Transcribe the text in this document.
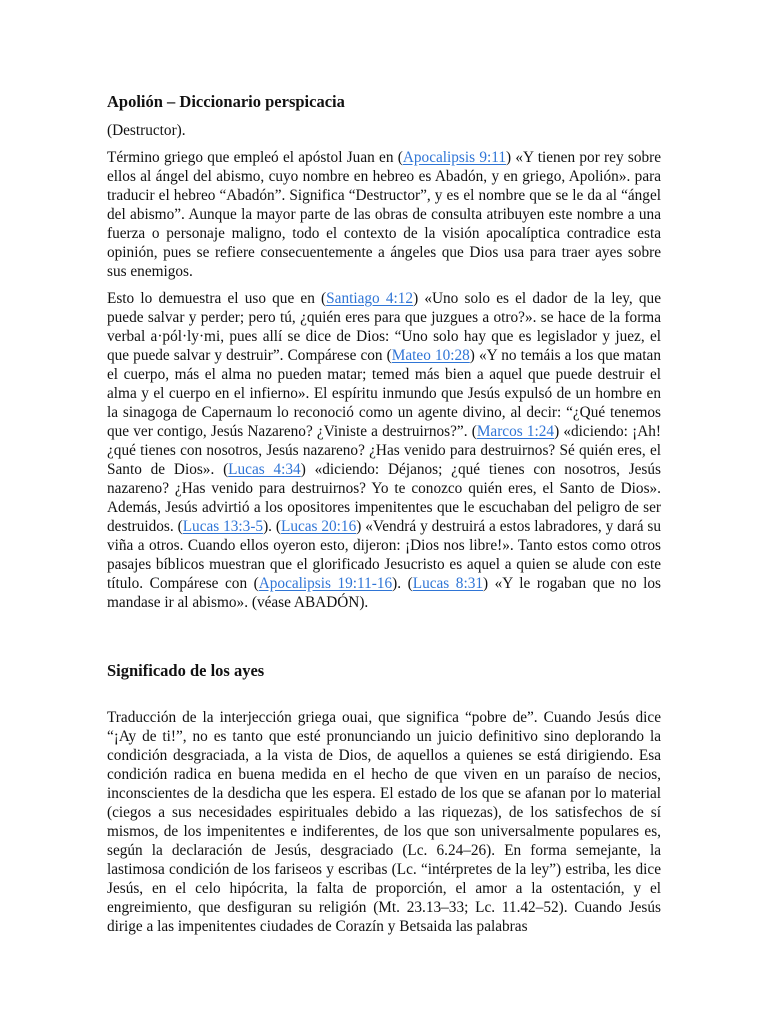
Apolión – Diccionario perspicacia

(Destructor).

Término griego que empleó el apóstol Juan en (Apocalipsis 9:11) «Y tienen por rey sobre ellos al ángel del abismo, cuyo nombre en hebreo es Abadón, y en griego, Apolión». para traducir el hebreo “Abadón”. Significa “Destructor”, y es el nombre que se le da al “ángel del abismo”. Aunque la mayor parte de las obras de consulta atribuyen este nombre a una fuerza o personaje maligno, todo el contexto de la visión apocalíptica contradice esta opinión, pues se refiere consecuentemente a ángeles que Dios usa para traer ayes sobre sus enemigos.

Esto lo demuestra el uso que en (Santiago 4:12) «Uno solo es el dador de la ley, que puede salvar y perder; pero tú, ¿quién eres para que juzgues a otro?». se hace de la forma verbal a·pól·ly·mi, pues allí se dice de Dios: “Uno solo hay que es legislador y juez, el que puede salvar y destruir”. Compárese con (Mateo 10:28) «Y no temáis a los que matan el cuerpo, más el alma no pueden matar; temed más bien a aquel que puede destruir el alma y el cuerpo en el infierno». El espíritu inmundo que Jesús expulsó de un hombre en la sinagoga de Capernaum lo reconoció como un agente divino, al decir: “¿Qué tenemos que ver contigo, Jesús Nazareno? ¿Viniste a destruirnos?”. (Marcos 1:24) «diciendo: ¡Ah! ¿qué tienes con nosotros, Jesús nazareno? ¿Has venido para destruirnos? Sé quién eres, el Santo de Dios». (Lucas 4:34) «diciendo: Déjanos; ¿qué tienes con nosotros, Jesús nazareno? ¿Has venido para destruirnos? Yo te conozco quién eres, el Santo de Dios». Además, Jesús advirtió a los opositores impenitentes que le escuchaban del peligro de ser destruidos. (Lucas 13:3-5). (Lucas 20:16) «Vendrá y destruirá a estos labradores, y dará su viña a otros. Cuando ellos oyeron esto, dijeron: ¡Dios nos libre!». Tanto estos como otros pasajes bíblicos muestran que el glorificado Jesucristo es aquel a quien se alude con este título. Compárese con (Apocalipsis 19:11-16). (Lucas 8:31) «Y le rogaban que no los mandase ir al abismo». (véase ABADÓN).

Significado de los ayes

Traducción de la interjección griega ouai, que significa “pobre de”. Cuando Jesús dice “¡Ay de ti!”, no es tanto que esté pronunciando un juicio definitivo sino deplorando la condición desgraciada, a la vista de Dios, de aquellos a quienes se está dirigiendo. Esa condición radica en buena medida en el hecho de que viven en un paraíso de necios, inconscientes de la desdicha que les espera. El estado de los que se afanan por lo material (ciegos a sus necesidades espirituales debido a las riquezas), de los satisfechos de sí mismos, de los impenitentes e indiferentes, de los que son universalmente populares es, según la declaración de Jesús, desgraciado (Lc. 6.24–26). En forma semejante, la lastimosa condición de los fariseos y escribas (Lc. “intérpretes de la ley”) estriba, les dice Jesús, en el celo hipócrita, la falta de proporción, el amor a la ostentación, y el engreimiento, que desfiguran su religión (Mt. 23.13–33; Lc. 11.42–52). Cuando Jesús dirige a las impenitentes ciudades de Corazín y Betsaida las palabras
